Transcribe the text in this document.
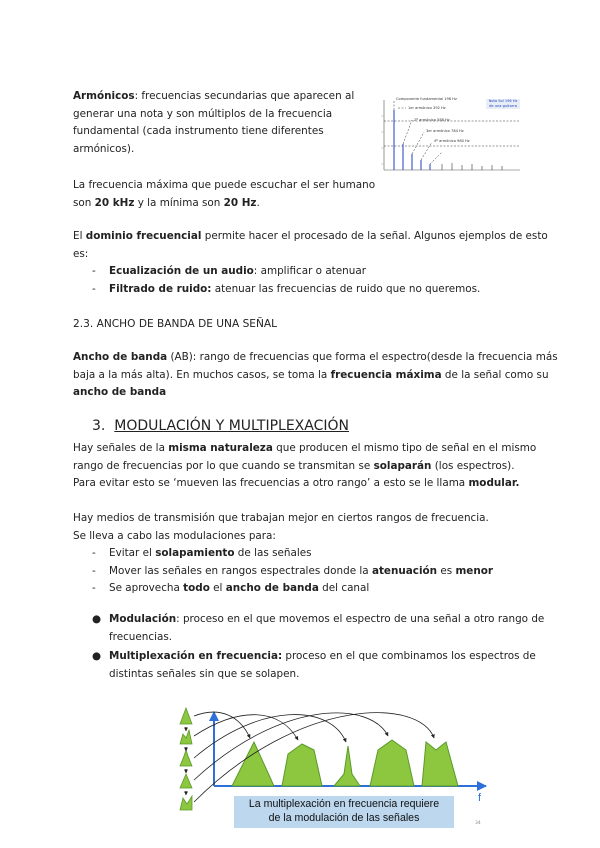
Armónicos: frecuencias secundarias que aparecen al
generar una nota y son múltiplos de la frecuencia
fundamental (cada instrumento tiene diferentes
armónicos).
Componente fundamental 196 Hz
1er armónico 392 Hz
2º armónico 588 Hz
3er armónico 784 Hz
4º armónico 980 Hz
Nota Sol 196 Hz de una guitarra
La frecuencia máxima que puede escuchar el ser humano
son 20 kHz y la mínima son 20 Hz.
El dominio frecuencial permite hacer el procesado de la señal. Algunos ejemplos de esto
es:
- Ecualización de un audio: amplificar o atenuar
- Filtrado de ruido: atenuar las frecuencias de ruido que no queremos.
2.3. ANCHO DE BANDA DE UNA SEÑAL
Ancho de banda (AB): rango de frecuencias que forma el espectro(desde la frecuencia más
baja a la más alta). En muchos casos, se toma la frecuencia máxima de la señal como su
ancho de banda
3. MODULACIÓN Y MULTIPLEXACIÓN
Hay señales de la misma naturaleza que producen el mismo tipo de señal en el mismo
rango de frecuencias por lo que cuando se transmitan se solaparán (los espectros).
Para evitar esto se ‘mueven las frecuencias a otro rango’ a esto se le llama modular.
Hay medios de transmisión que trabajan mejor en ciertos rangos de frecuencia.
Se lleva a cabo las modulaciones para:
- Evitar el solapamiento de las señales
- Mover las señales en rangos espectrales donde la atenuación es menor
- Se aprovecha todo el ancho de banda del canal
● Modulación: proceso en el que movemos el espectro de una señal a otro rango de
frecuencias.
● Multiplexación en frecuencia: proceso en el que combinamos los espectros de
distintas señales sin que se solapen.
La multiplexación en frecuencia requiere
de la modulación de las señales
f
34
